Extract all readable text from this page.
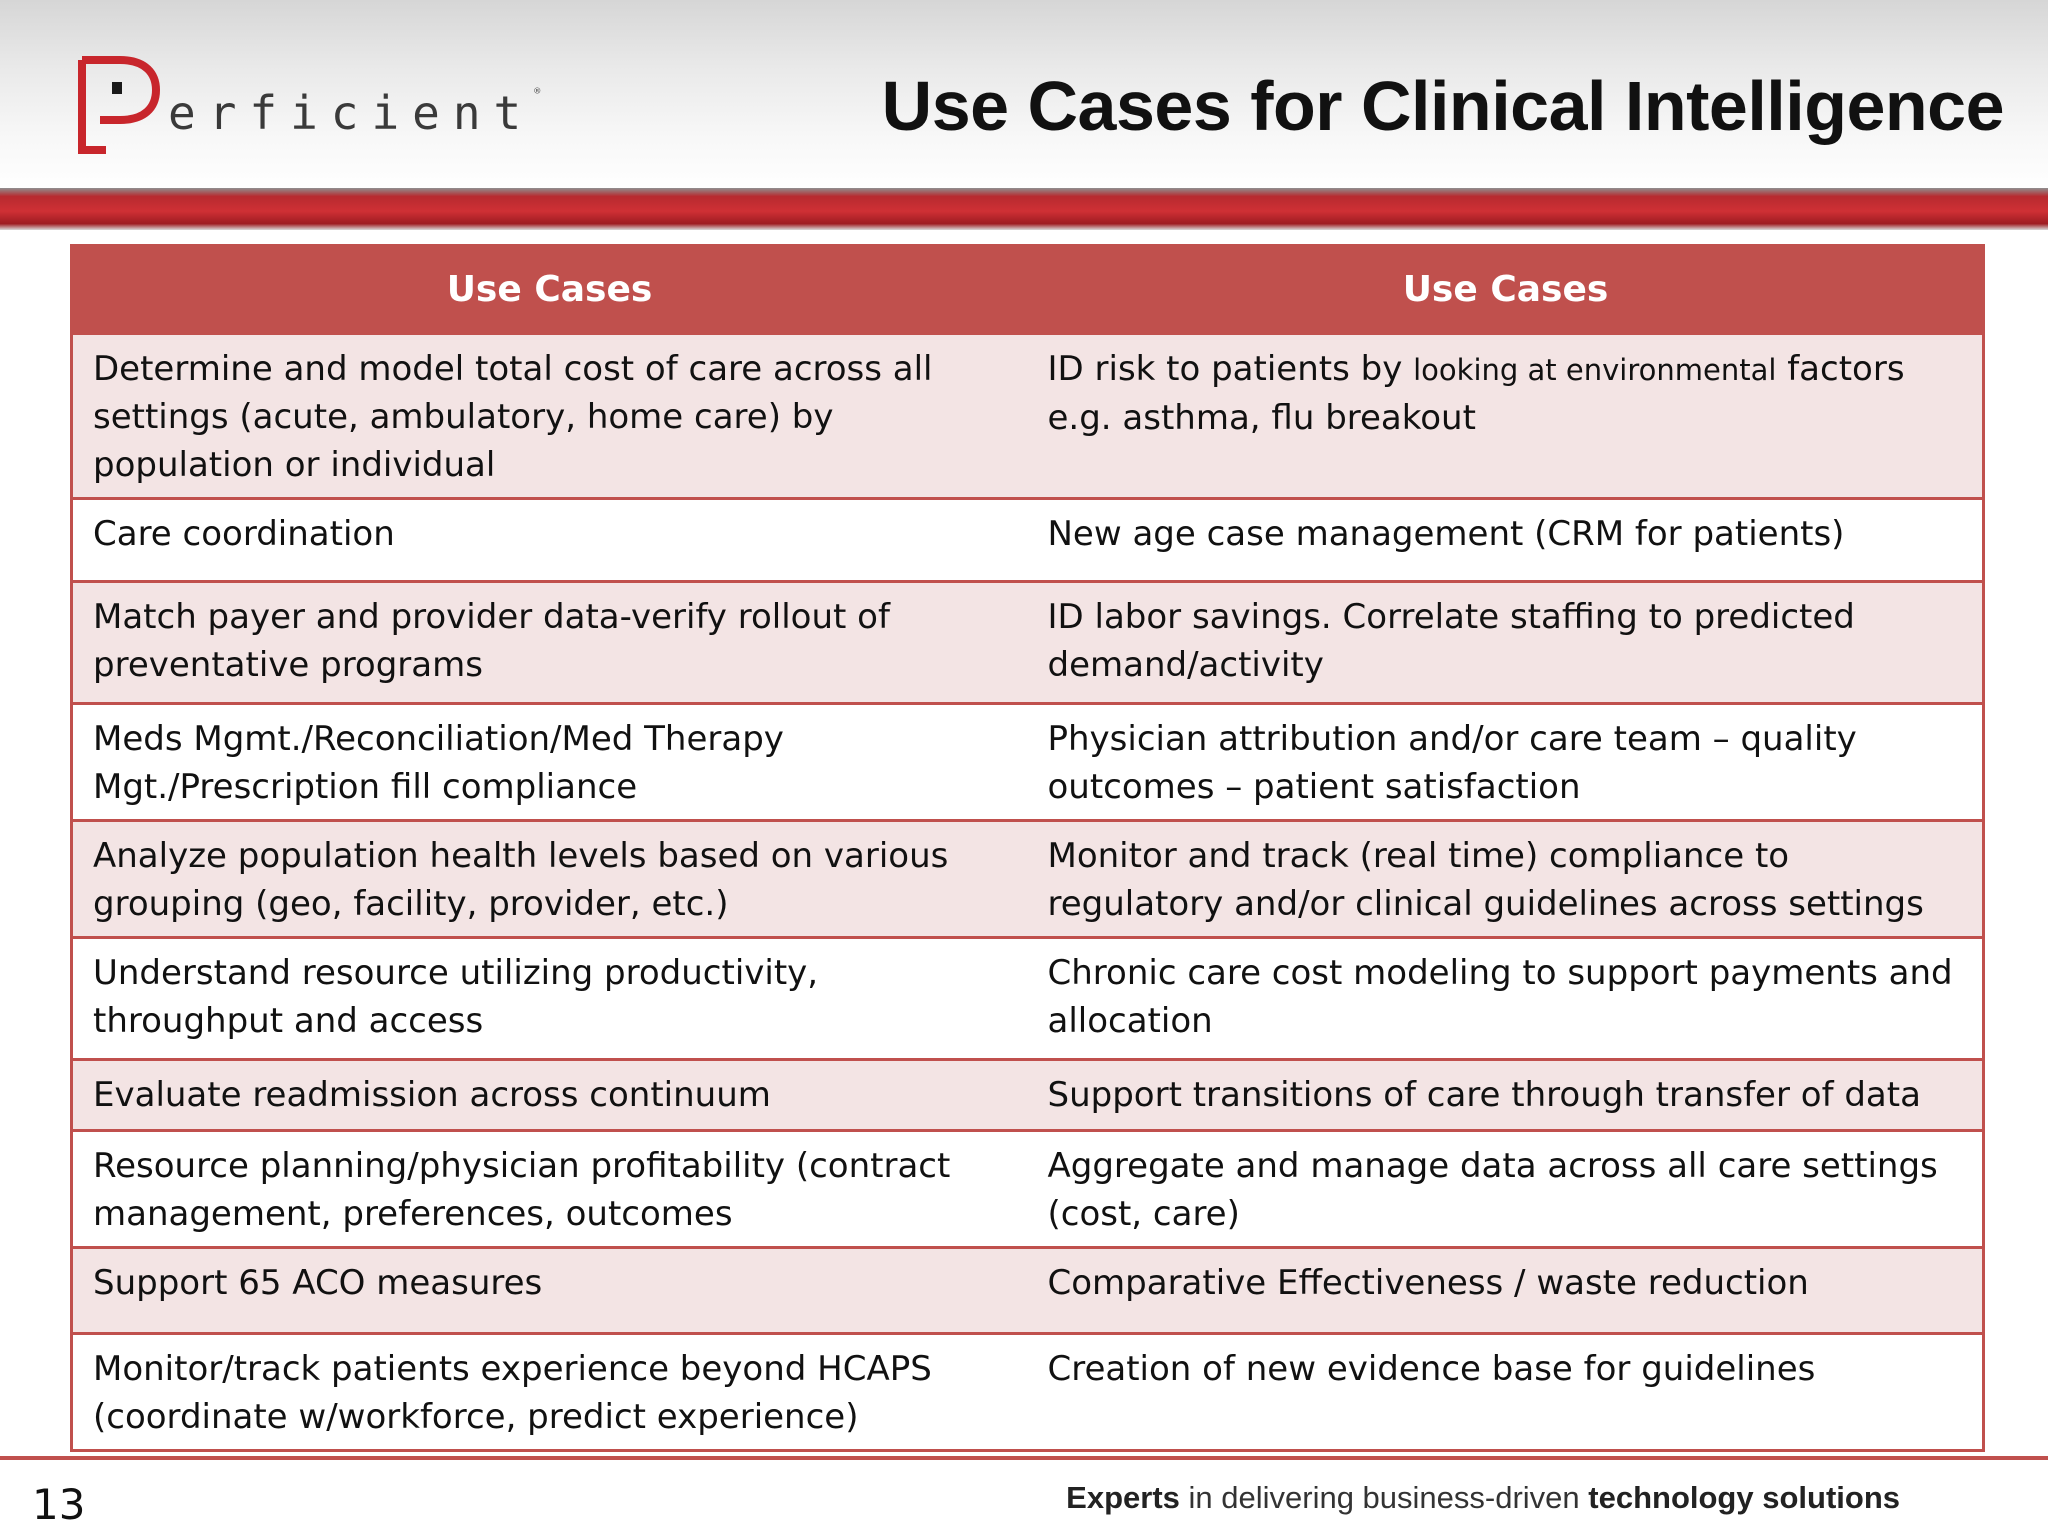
erficient®	Use Cases for Clinical Intelligence
Use Cases	Use Cases
Determine and model total cost of care across all settings (acute, ambulatory, home care) by population or individual	ID risk to patients by looking at environmental factors e.g. asthma, flu breakout
Care coordination	New age case management (CRM for patients)
Match payer and provider data-verify rollout of preventative programs	ID labor savings. Correlate staffing to predicted demand/activity
Meds Mgmt./Reconciliation/Med Therapy Mgt./Prescription fill compliance	Physician attribution and/or care team – quality outcomes – patient satisfaction
Analyze population health levels based on various grouping (geo, facility, provider, etc.)	Monitor and track (real time) compliance to regulatory and/or clinical guidelines across settings
Understand resource utilizing productivity, throughput and access	Chronic care cost modeling to support payments and allocation
Evaluate readmission across continuum	Support transitions of care through transfer of data
Resource planning/physician profitability (contract management, preferences, outcomes	Aggregate and manage data across all care settings (cost, care)
Support 65 ACO measures	Comparative Effectiveness / waste reduction
Monitor/track patients experience beyond HCAPS (coordinate w/workforce, predict experience)	Creation of new evidence base for guidelines
13	Experts in delivering business-driven technology solutions
